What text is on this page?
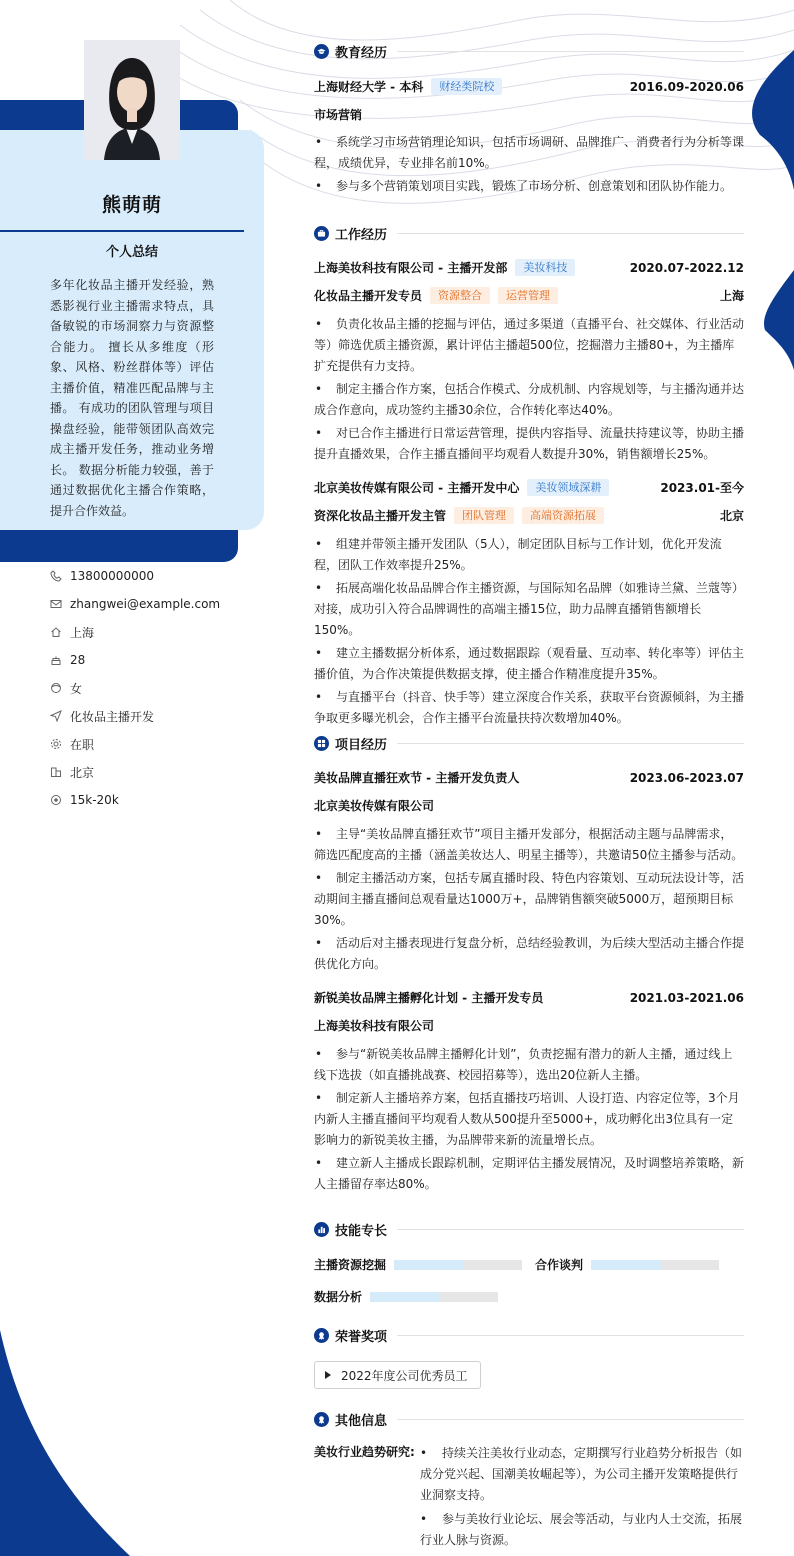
熊萌萌
个人总结
多年化妆品主播开发经验，熟悉影视行业主播需求特点，具备敏锐的市场洞察力与资源整合能力。 擅长从多维度（形象、风格、粉丝群体等）评估主播价值，精准匹配品牌与主播。 有成功的团队管理与项目操盘经验，能带领团队高效完成主播开发任务，推动业务增长。 数据分析能力较强，善于通过数据优化主播合作策略，提升合作效益。
13800000000
zhangwei@example.com
上海
28
女
化妆品主播开发
在职
北京
15k-20k
教育经历
上海财经大学 - 本科	财经类院校	2016.09-2020.06
市场营销
• 系统学习市场营销理论知识，包括市场调研、品牌推广、消费者行为分析等课程，成绩优异，专业排名前10%。
• 参与多个营销策划项目实践，锻炼了市场分析、创意策划和团队协作能力。
工作经历
上海美妆科技有限公司 - 主播开发部	美妆科技	2020.07-2022.12
化妆品主播开发专员	资源整合	运营管理	上海
• 负责化妆品主播的挖掘与评估，通过多渠道（直播平台、社交媒体、行业活动等）筛选优质主播资源，累计评估主播超500位，挖掘潜力主播80+，为主播库扩充提供有力支持。
• 制定主播合作方案，包括合作模式、分成机制、内容规划等，与主播沟通并达成合作意向，成功签约主播30余位，合作转化率达40%。
• 对已合作主播进行日常运营管理，提供内容指导、流量扶持建议等，协助主播提升直播效果，合作主播直播间平均观看人数提升30%，销售额增长25%。
北京美妆传媒有限公司 - 主播开发中心	美妆领域深耕	2023.01-至今
资深化妆品主播开发主管	团队管理	高端资源拓展	北京
• 组建并带领主播开发团队（5人），制定团队目标与工作计划，优化开发流程，团队工作效率提升25%。
• 拓展高端化妆品品牌合作主播资源，与国际知名品牌（如雅诗兰黛、兰蔻等）对接，成功引入符合品牌调性的高端主播15位，助力品牌直播销售额增长150%。
• 建立主播数据分析体系，通过数据跟踪（观看量、互动率、转化率等）评估主播价值，为合作决策提供数据支撑，使主播合作精准度提升35%。
• 与直播平台（抖音、快手等）建立深度合作关系，获取平台资源倾斜，为主播争取更多曝光机会，合作主播平台流量扶持次数增加40%。
项目经历
美妆品牌直播狂欢节 - 主播开发负责人	2023.06-2023.07
北京美妆传媒有限公司
• 主导“美妆品牌直播狂欢节”项目主播开发部分，根据活动主题与品牌需求，筛选匹配度高的主播（涵盖美妆达人、明星主播等），共邀请50位主播参与活动。
• 制定主播活动方案，包括专属直播时段、特色内容策划、互动玩法设计等，活动期间主播直播间总观看量达1000万+，品牌销售额突破5000万，超预期目标30%。
• 活动后对主播表现进行复盘分析，总结经验教训，为后续大型活动主播合作提供优化方向。
新锐美妆品牌主播孵化计划 - 主播开发专员	2021.03-2021.06
上海美妆科技有限公司
• 参与“新锐美妆品牌主播孵化计划”，负责挖掘有潜力的新人主播，通过线上线下选拔（如直播挑战赛、校园招募等），选出20位新人主播。
• 制定新人主播培养方案，包括直播技巧培训、人设打造、内容定位等，3个月内新人主播直播间平均观看人数从500提升至5000+，成功孵化出3位具有一定影响力的新锐美妆主播，为品牌带来新的流量增长点。
• 建立新人主播成长跟踪机制，定期评估主播发展情况，及时调整培养策略，新人主播留存率达80%。
技能专长
主播资源挖掘	合作谈判
数据分析
荣誉奖项
2022年度公司优秀员工
其他信息
美妆行业趋势研究: • 持续关注美妆行业动态，定期撰写行业趋势分析报告（如成分党兴起、国潮美妆崛起等），为公司主播开发策略提供行业洞察支持。
• 参与美妆行业论坛、展会等活动，与业内人士交流，拓展行业人脉与资源。
